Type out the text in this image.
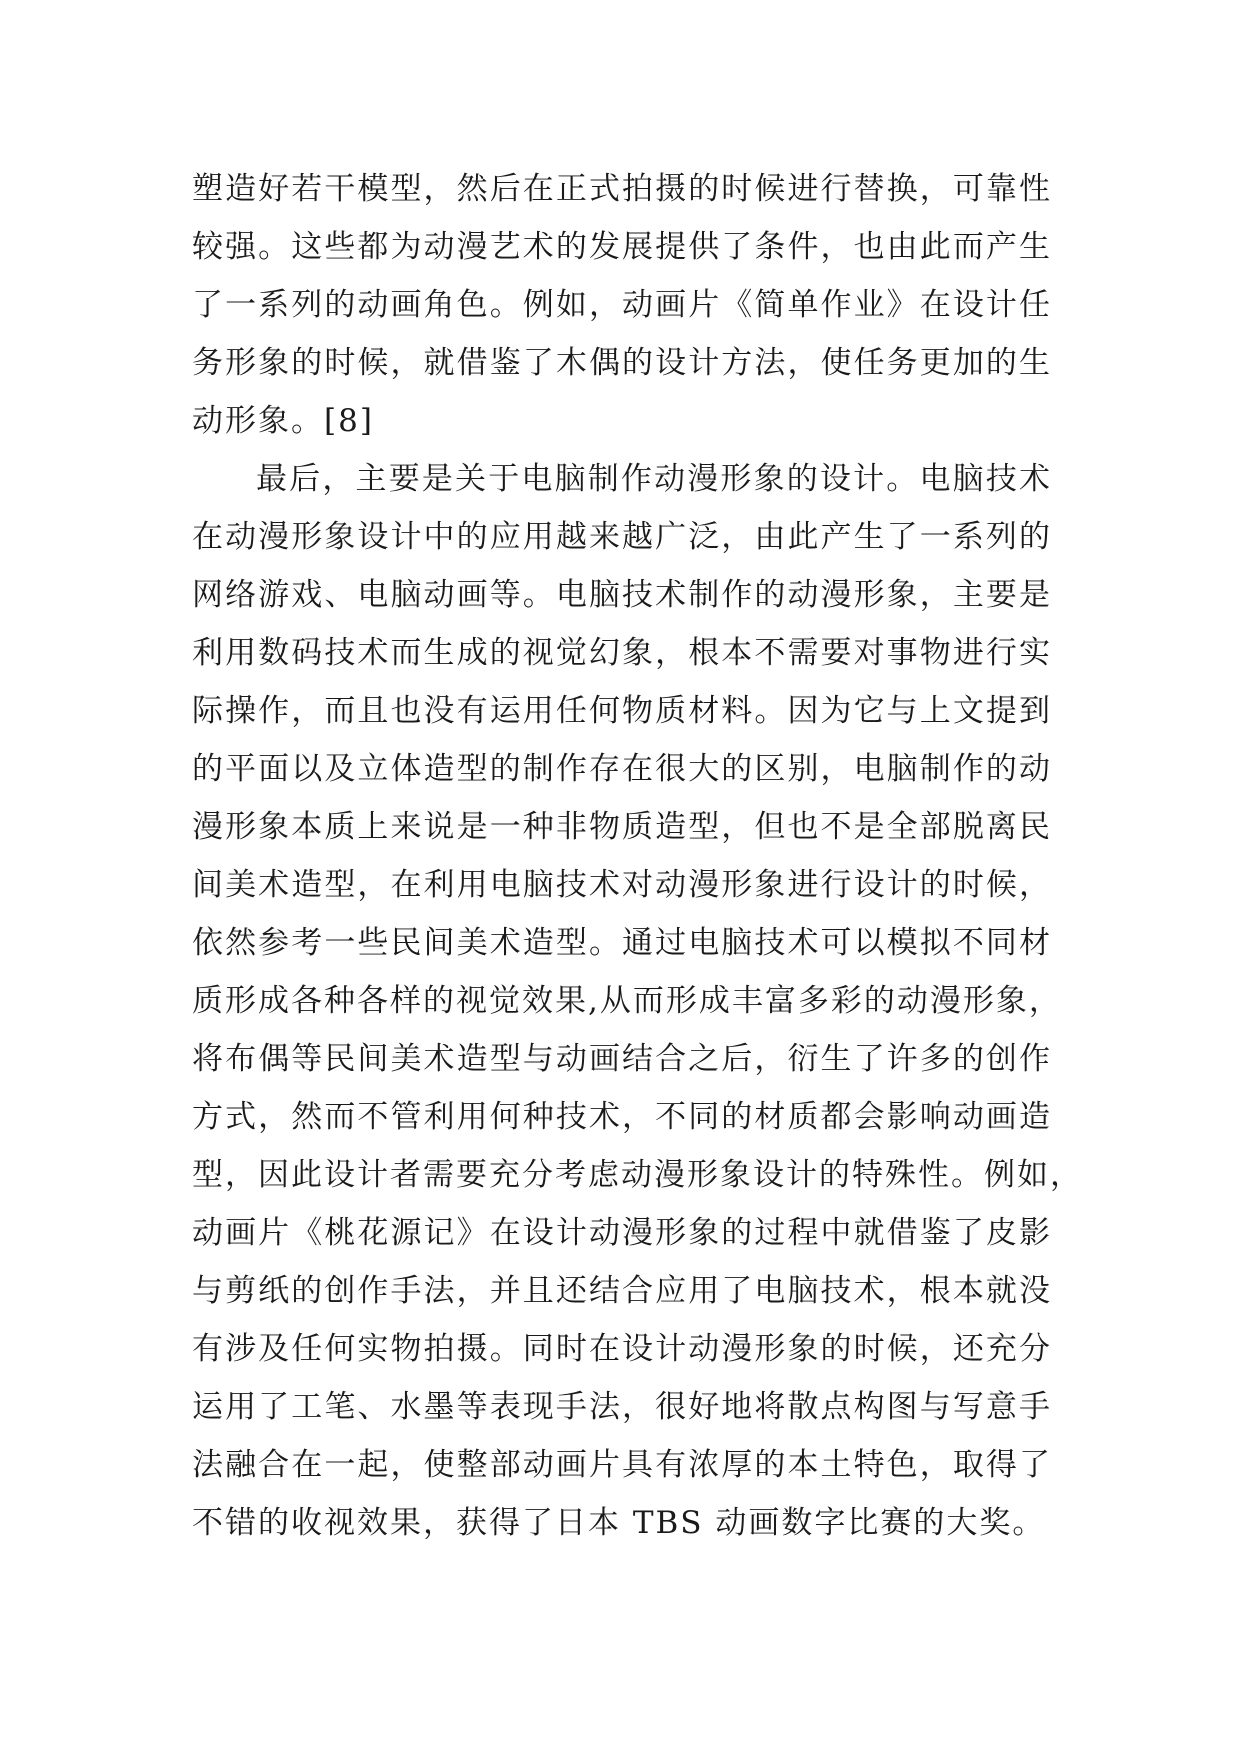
塑造好若干模型，然后在正式拍摄的时候进行替换，可靠性
较强。这些都为动漫艺术的发展提供了条件，也由此而产生
了一系列的动画角色。例如，动画片《简单作业》在设计任
务形象的时候，就借鉴了木偶的设计方法，使任务更加的生
动形象。[8]
最后，主要是关于电脑制作动漫形象的设计。电脑技术
在动漫形象设计中的应用越来越广泛，由此产生了一系列的
网络游戏、电脑动画等。电脑技术制作的动漫形象，主要是
利用数码技术而生成的视觉幻象，根本不需要对事物进行实
际操作，而且也没有运用任何物质材料。因为它与上文提到
的平面以及立体造型的制作存在很大的区别，电脑制作的动
漫形象本质上来说是一种非物质造型，但也不是全部脱离民
间美术造型，在利用电脑技术对动漫形象进行设计的时候，
依然参考一些民间美术造型。通过电脑技术可以模拟不同材
质形成各种各样的视觉效果,从而形成丰富多彩的动漫形象，
将布偶等民间美术造型与动画结合之后，衍生了许多的创作
方式，然而不管利用何种技术，不同的材质都会影响动画造
型，因此设计者需要充分考虑动漫形象设计的特殊性。例如，
动画片《桃花源记》在设计动漫形象的过程中就借鉴了皮影
与剪纸的创作手法，并且还结合应用了电脑技术，根本就没
有涉及任何实物拍摄。同时在设计动漫形象的时候，还充分
运用了工笔、水墨等表现手法，很好地将散点构图与写意手
法融合在一起，使整部动画片具有浓厚的本土特色，取得了
不错的收视效果，获得了日本 TBS 动画数字比赛的大奖。
